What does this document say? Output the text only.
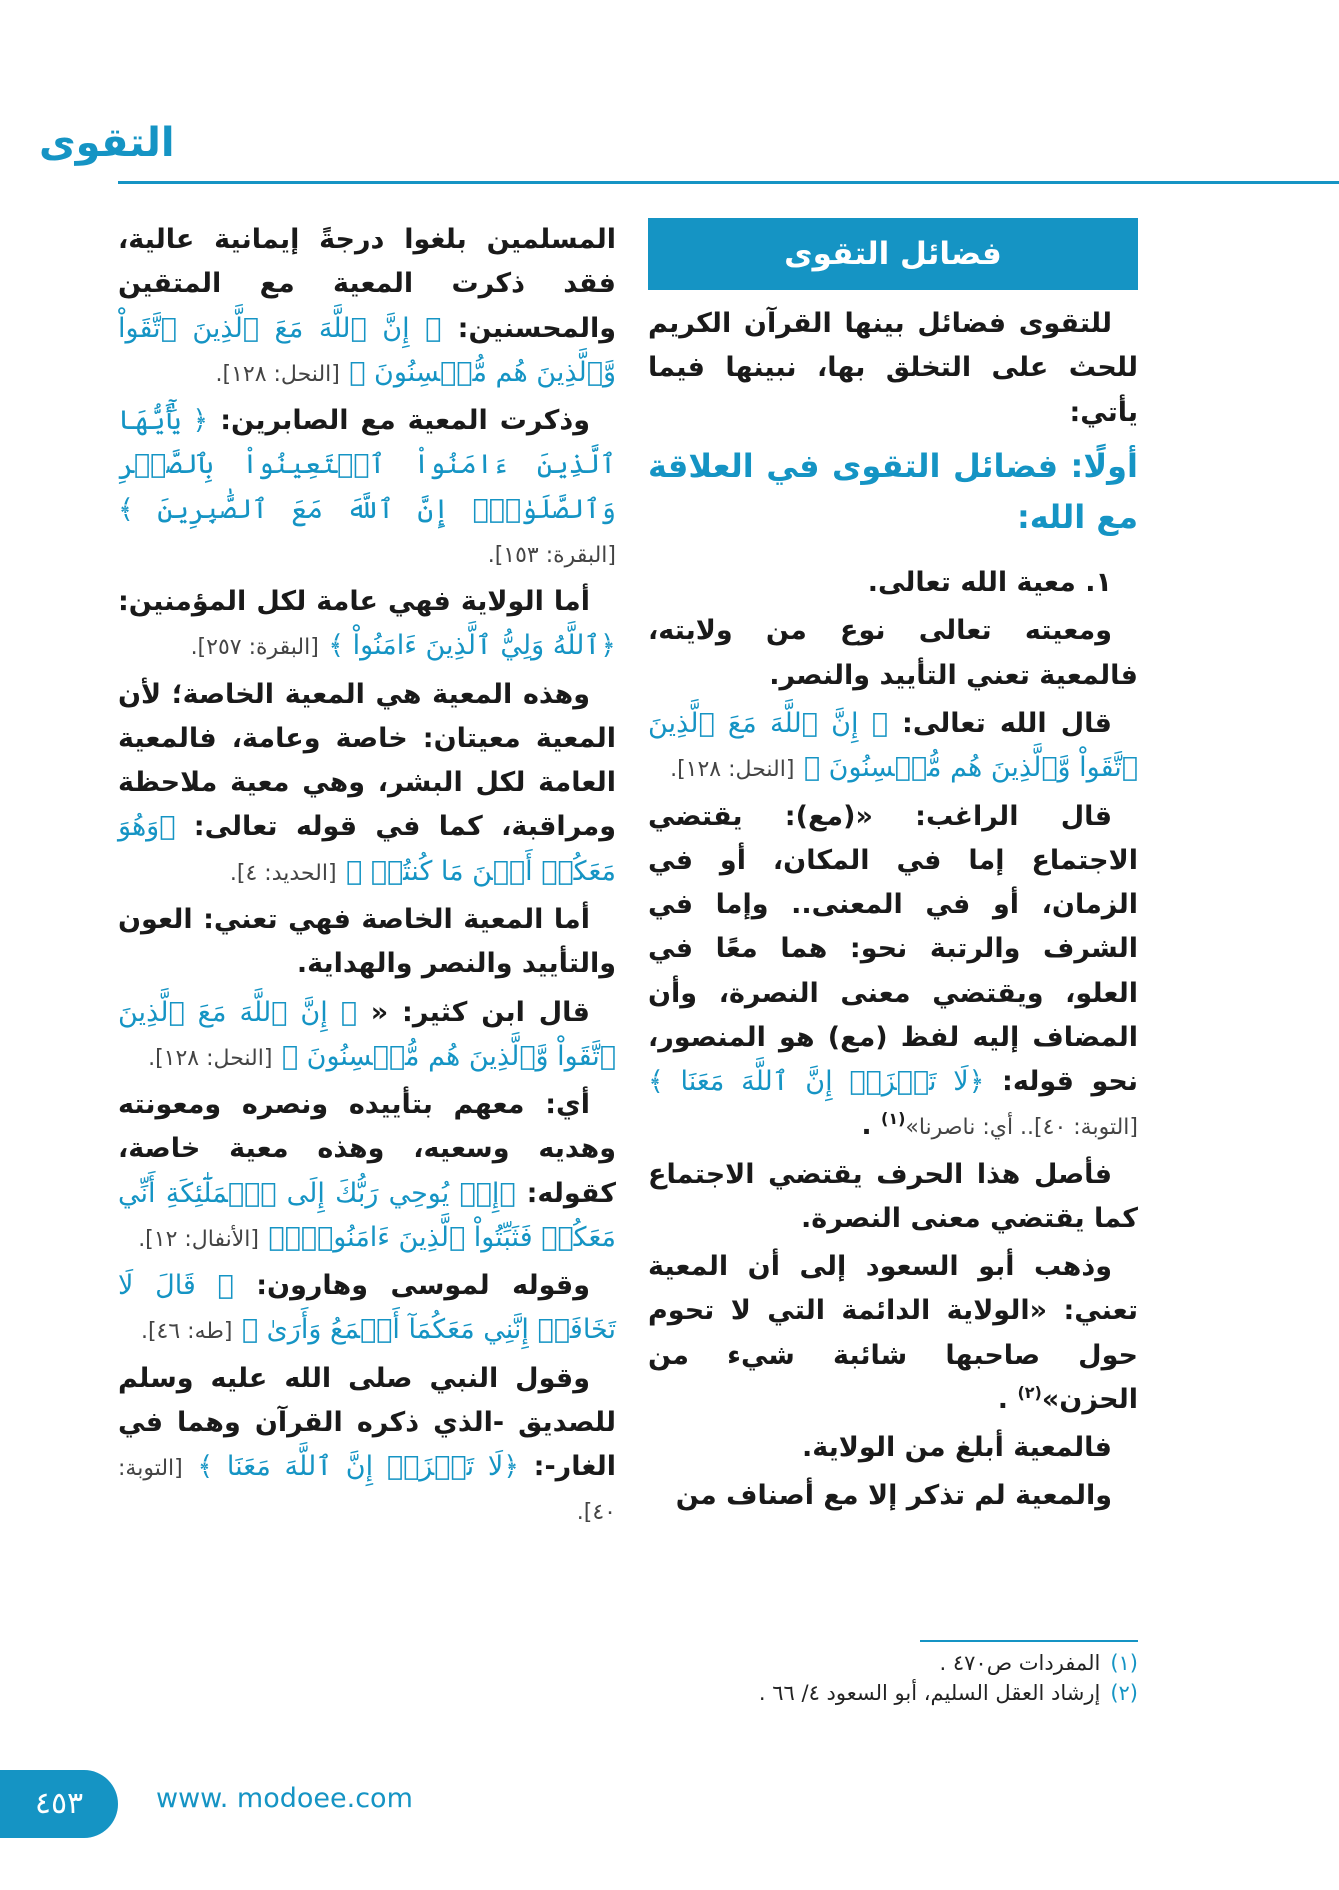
التقوى
فضائل التقوى

للتقوى فضائل بينها القرآن الكريم للحث على التخلق بها، نبينها فيما يأتي:

أولًا: فضائل التقوى في العلاقة مع الله:

١. معية الله تعالى.

ومعيته تعالى نوع من ولايته، فالمعية تعني التأييد والنصر.

قال الله تعالى: ﴿ إِنَّ ٱللَّهَ مَعَ ٱلَّذِينَ ٱتَّقَواْ وَّٱلَّذِينَ هُم مُّحۡسِنُونَ ﴾ [النحل: ١٢٨].

قال الراغب: «(مع): يقتضي الاجتماع إما في المكان، أو في الزمان، أو في المعنى.. وإما في الشرف والرتبة نحو: هما معًا في العلو، ويقتضي معنى النصرة، وأن المضاف إليه لفظ (مع) هو المنصور، نحو قوله: ﴿لَا تَحۡزَنۡ إِنَّ ٱللَّهَ مَعَنَا ﴾ [التوبة: ٤٠].. أي: ناصرنا»$^{(١)}$ .

فأصل هذا الحرف يقتضي الاجتماع كما يقتضي معنى النصرة.

وذهب أبو السعود إلى أن المعية تعني: «الولاية الدائمة التي لا تحوم حول صاحبها شائبة شيء من الحزن»$^{(٢)}$ .

فالمعية أبلغ من الولاية.

والمعية لم تذكر إلا مع أصناف من

المسلمين بلغوا درجةً إيمانية عالية، فقد ذكرت المعية مع المتقين والمحسنين: ﴿ إِنَّ ٱللَّهَ مَعَ ٱلَّذِينَ ٱتَّقَواْ وَّٱلَّذِينَ هُم مُّحۡسِنُونَ ﴾ [النحل: ١٢٨].

وذكرت المعية مع الصابرين: ﴿ يَٰٓأَيُّهَا ٱلَّذِينَ ءَامَنُواْ ٱسۡتَعِينُواْ بِٱلصَّبۡرِ وَٱلصَّلَوٰةِۚ إِنَّ ٱللَّهَ مَعَ ٱلصَّٰبِرِينَ ﴾ [البقرة: ١٥٣].

أما الولاية فهي عامة لكل المؤمنين: ﴿ٱللَّهُ وَلِيُّ ٱلَّذِينَ ءَامَنُواْ ﴾ [البقرة: ٢٥٧].

وهذه المعية هي المعية الخاصة؛ لأن المعية معيتان: خاصة وعامة، فالمعية العامة لكل البشر، وهي معية ملاحظة ومراقبة، كما في قوله تعالى: ﴿وَهُوَ مَعَكُمۡ أَيۡنَ مَا كُنتُمۡ ﴾ [الحديد: ٤].

أما المعية الخاصة فهي تعني: العون والتأييد والنصر والهداية.

قال ابن كثير: « ﴿ إِنَّ ٱللَّهَ مَعَ ٱلَّذِينَ ٱتَّقَواْ وَّٱلَّذِينَ هُم مُّحۡسِنُونَ ﴾ [النحل: ١٢٨].

أي: معهم بتأييده ونصره ومعونته وهديه وسعيه، وهذه معية خاصة، كقوله: ﴿إِذۡ يُوحِي رَبُّكَ إِلَى ٱلۡمَلَٰٓئِكَةِ أَنِّي مَعَكُمۡ فَثَبِّتُواْ ٱلَّذِينَ ءَامَنُواْۚ﴾ [الأنفال: ١٢].

وقوله لموسى وهارون: ﴿ قَالَ لَا تَخَافَآۖ إِنَّنِي مَعَكُمَآ أَسۡمَعُ وَأَرَىٰ ﴾ [طه: ٤٦].

وقول النبي صلى الله عليه وسلم للصديق -الذي ذكره القرآن وهما في الغار-: ﴿لَا تَحۡزَنۡ إِنَّ ٱللَّهَ مَعَنَا ﴾ [التوبة: ٤٠].

(١)المفردات ص٤٧٠ .
(٢)إرشاد العقل السليم، أبو السعود ٤/ ٦٦ .
٤٥٣	www. modoee.com
